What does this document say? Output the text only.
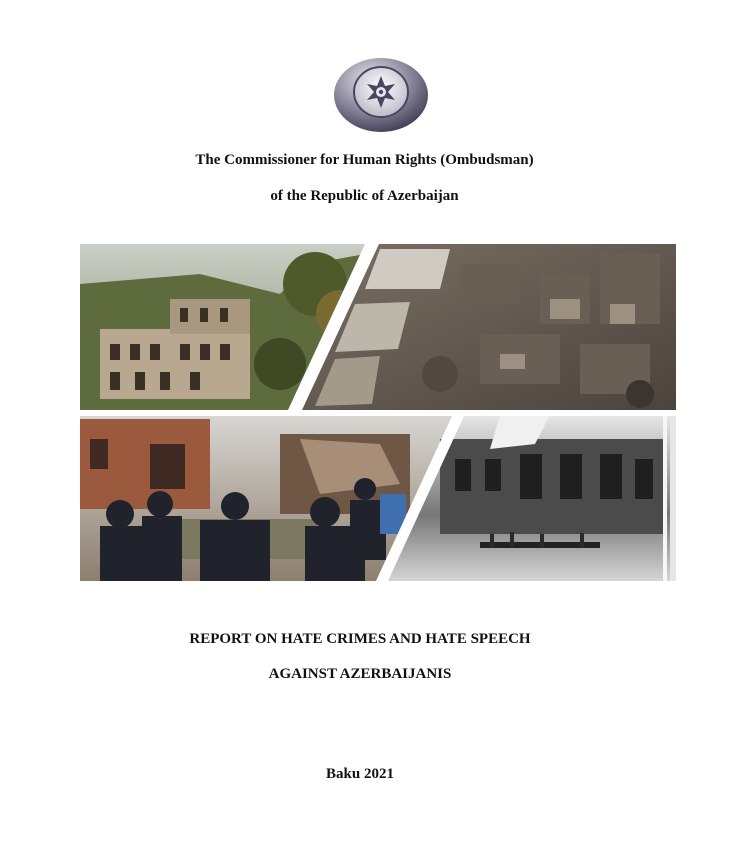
The Commissioner for Human Rights (Ombudsman)

of the Republic of Azerbaijan

REPORT ON HATE CRIMES AND HATE SPEECH

AGAINST AZERBAIJANIS

Baku 2021
